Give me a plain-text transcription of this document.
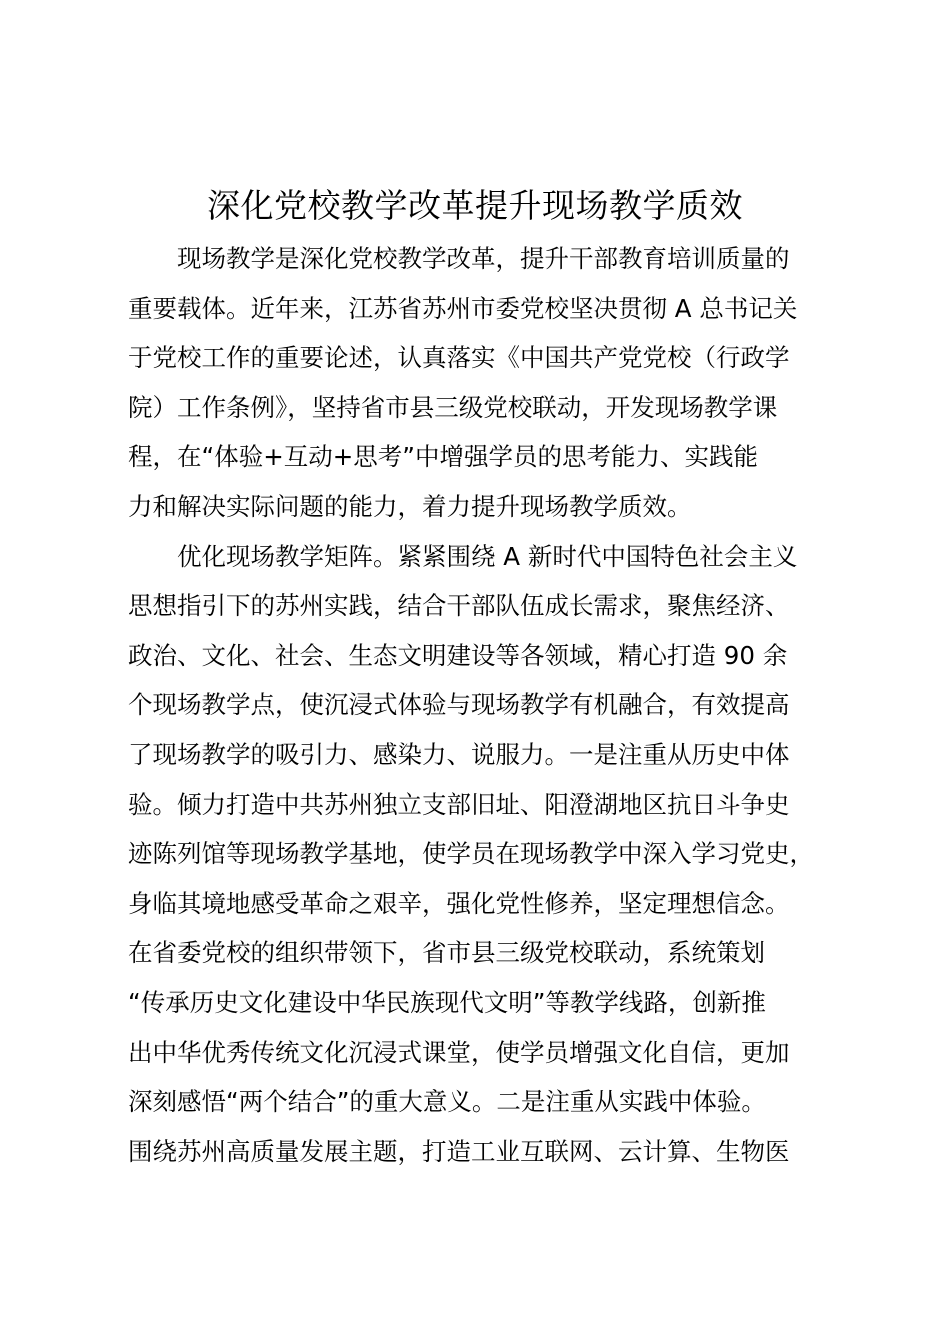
深化党校教学改革提升现场教学质效
　　现场教学是深化党校教学改革，提升干部教育培训质量的
重要载体。近年来，江苏省苏州市委党校坚决贯彻 A 总书记关
于党校工作的重要论述，认真落实《中国共产党党校（行政学
院）工作条例》，坚持省市县三级党校联动，开发现场教学课
程，在“体验+互动+思考”中增强学员的思考能力、实践能
力和解决实际问题的能力，着力提升现场教学质效。
　　优化现场教学矩阵。紧紧围绕 A 新时代中国特色社会主义
思想指引下的苏州实践，结合干部队伍成长需求，聚焦经济、
政治、文化、社会、生态文明建设等各领域，精心打造 90 余
个现场教学点，使沉浸式体验与现场教学有机融合，有效提高
了现场教学的吸引力、感染力、说服力。一是注重从历史中体
验。倾力打造中共苏州独立支部旧址、阳澄湖地区抗日斗争史
迹陈列馆等现场教学基地，使学员在现场教学中深入学习党史，
身临其境地感受革命之艰辛，强化党性修养，坚定理想信念。
在省委党校的组织带领下，省市县三级党校联动，系统策划
“传承历史文化建设中华民族现代文明”等教学线路，创新推
出中华优秀传统文化沉浸式课堂，使学员增强文化自信，更加
深刻感悟“两个结合”的重大意义。二是注重从实践中体验。
围绕苏州高质量发展主题，打造工业互联网、云计算、生物医
